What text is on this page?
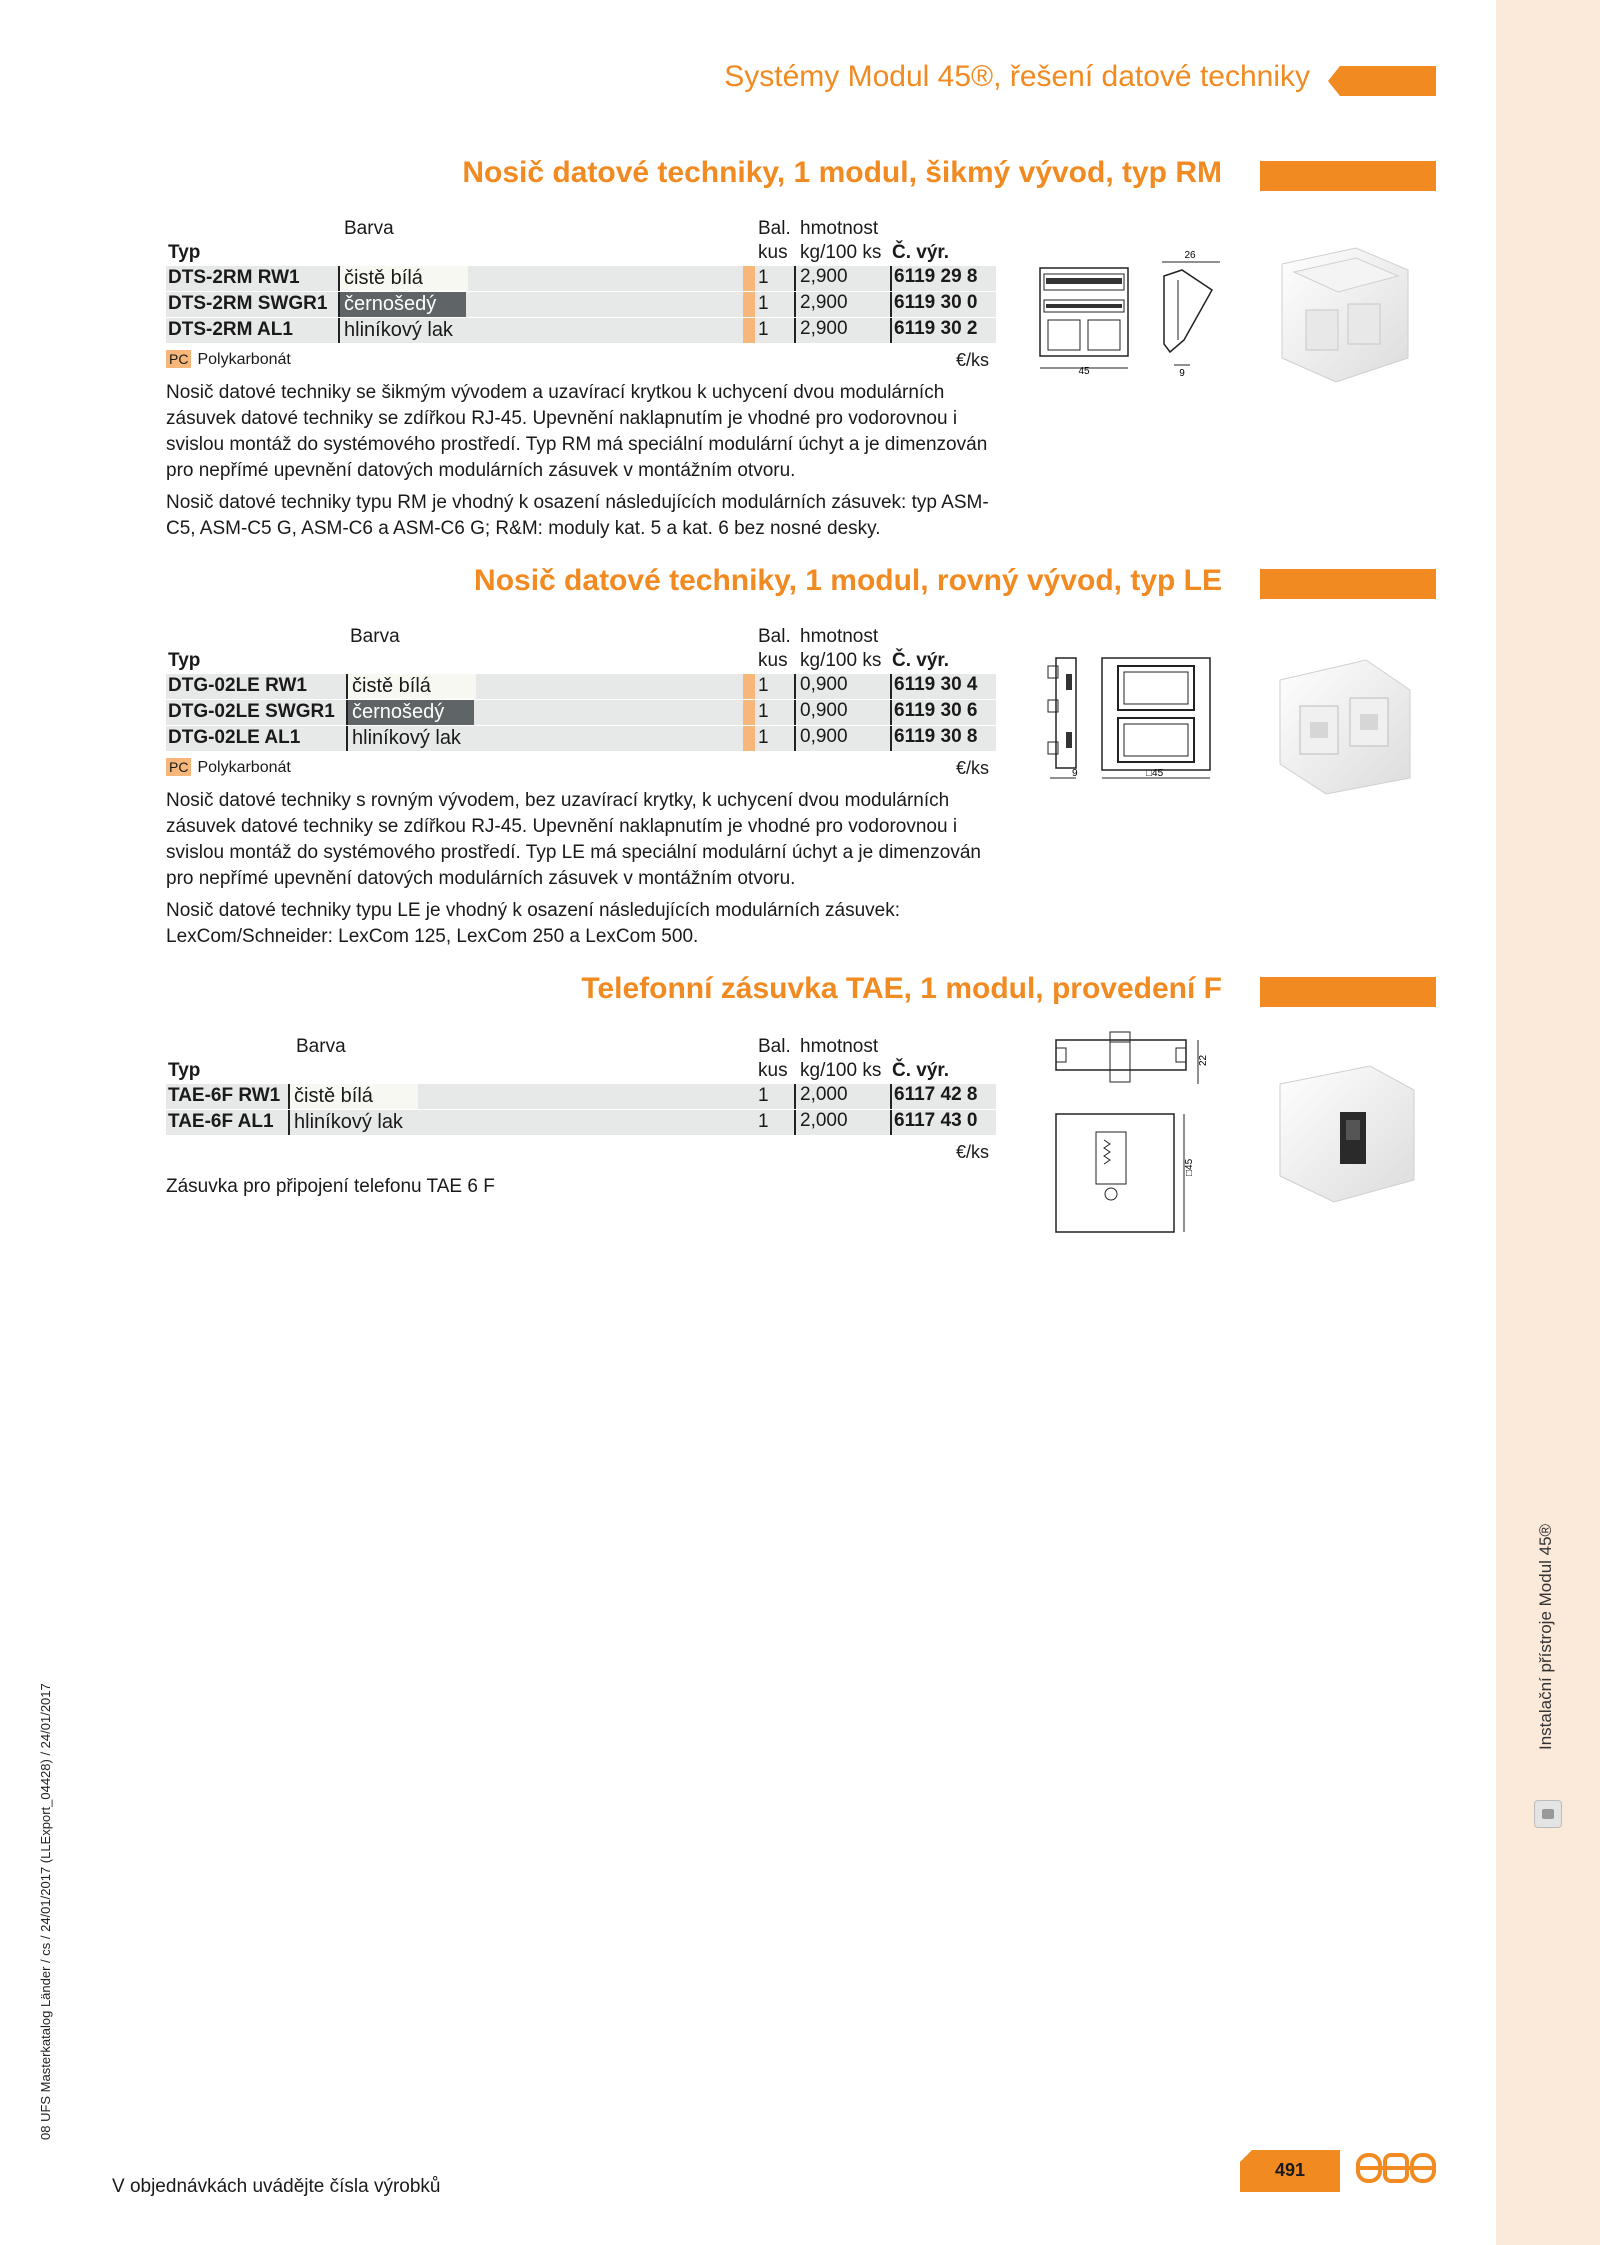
Instalační přístroje Modul 45®
08 UFS Masterkatalog Länder / cs / 24/01/2017 (LLExport_04428) / 24/01/2017
Systémy Modul 45®, řešení datové techniky
Nosič datové techniky, 1 modul, šikmý vývod, typ RM
Barva
Typ
Bal.
kus
hmotnost
kg/100 ks Č. výr.
DTS-2RM RW1	čistě bílá	1	2,900 6119 29 8
DTS-2RM SWGR1 černošedý	1	2,900 6119 30 0
DTS-2RM AL1	hliníkový lak	1	2,900 6119 30 2
PC Polykarbonát	€/ks

Nosič datové techniky se šikmým vývodem a uzavírací krytkou k uchycení dvou modulárních zásuvek datové techniky se zdířkou RJ-45. Upevnění naklapnutím je vhodné pro vodorovnou i svislou montáž do systémového prostředí. Typ RM má speciální modulární úchyt a je dimenzován pro nepřímé upevnění datových modulárních zásuvek v montážním otvoru.

Nosič datové techniky typu RM je vhodný k osazení následujících modulárních zásuvek: typ ASM-C5, ASM-C5 G, ASM-C6 a ASM-C6 G; R&M: moduly kat. 5 a kat. 6 bez nosné desky.

45
26
9
Nosič datové techniky, 1 modul, rovný vývod, typ LE
Barva
Typ
Bal.
kus
hmotnost
kg/100 ks Č. výr.
DTG-02LE RW1	čistě bílá	1	0,900 6119 30 4
DTG-02LE SWGR1 černošedý	1	0,900 6119 30 6
DTG-02LE AL1	hliníkový lak	1	0,900 6119 30 8
PC Polykarbonát	€/ks

Nosič datové techniky s rovným vývodem, bez uzavírací krytky, k uchycení dvou modulárních zásuvek datové techniky se zdířkou RJ-45. Upevnění naklapnutím je vhodné pro vodorovnou i svislou montáž do systémového prostředí. Typ LE má speciální modulární úchyt a je dimenzován pro nepřímé upevnění datových modulárních zásuvek v montážním otvoru.

Nosič datové techniky typu LE je vhodný k osazení následujících modulárních zásuvek: LexCom/Schneider: LexCom 125, LexCom 250 a LexCom 500.

9	□45
Telefonní zásuvka TAE, 1 modul, provedení F
Barva
Typ
Bal.
kus
hmotnost
kg/100 ks Č. výr.
TAE-6F RW1 čistě bílá	1	2,000 6117 42 8
TAE-6F AL1	hliníkový lak	1	2,000 6117 43 0
€/ks

Zásuvka pro připojení telefonu TAE 6 F

22
□45
V objednávkách uvádějte čísla výrobků
491
